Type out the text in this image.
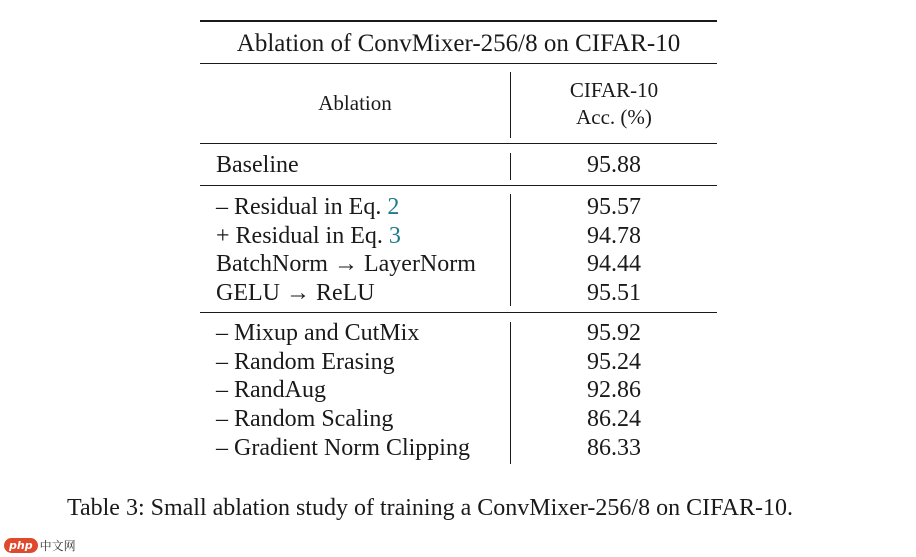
Ablation of ConvMixer-256/8 on CIFAR-10
Ablation
CIFAR-10
Acc. (%)
Baseline	95.88
– Residual in Eq. 2	95.57
+ Residual in Eq. 3	94.78
BatchNorm → LayerNorm	94.44
GELU → ReLU	95.51
– Mixup and CutMix	95.92
– Random Erasing	95.24
– RandAug	92.86
– Random Scaling	86.24
– Gradient Norm Clipping	86.33
Table 3: Small ablation study of training a ConvMixer-256/8 on CIFAR-10.
php 中文网
